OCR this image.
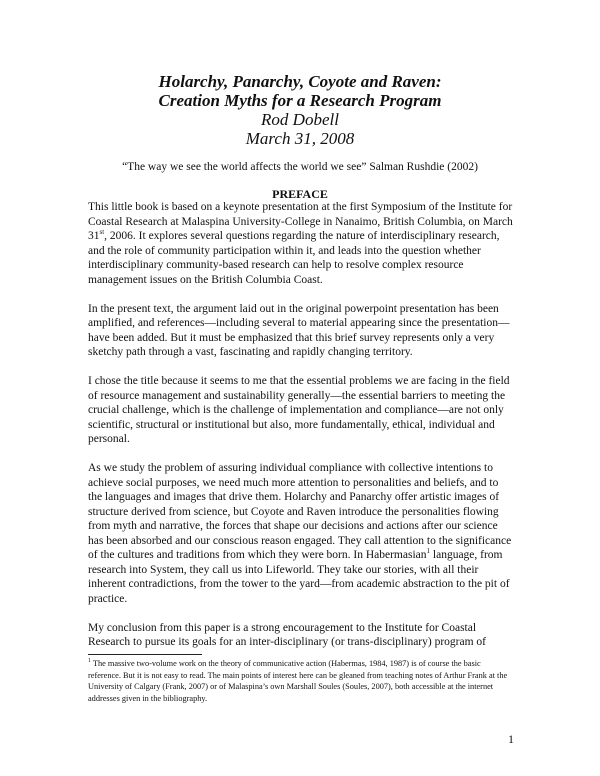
Holarchy, Panarchy, Coyote and Raven:

Creation Myths for a Research Program

Rod Dobell

March 31, 2008

“The way we see the world affects the world we see” Salman Rushdie (2002)
PREFACE

This little book is based on a keynote presentation at the first Symposium of the Institute for Coastal Research at Malaspina University-College in Nanaimo, British Columbia, on March 31st, 2006. It explores several questions regarding the nature of interdisciplinary research, and the role of community participation within it, and leads into the question whether interdisciplinary community-based research can help to resolve complex resource management issues on the British Columbia Coast.

In the present text, the argument laid out in the original powerpoint presentation has been amplified, and references—including several to material appearing since the presentation—have been added. But it must be emphasized that this brief survey represents only a very sketchy path through a vast, fascinating and rapidly changing territory.

I chose the title because it seems to me that the essential problems we are facing in the field of resource management and sustainability generally—the essential barriers to meeting the crucial challenge, which is the challenge of implementation and compliance—are not only scientific, structural or institutional but also, more fundamentally, ethical, individual and personal.

As we study the problem of assuring individual compliance with collective intentions to achieve social purposes, we need much more attention to personalities and beliefs, and to the languages and images that drive them. Holarchy and Panarchy offer artistic images of structure derived from science, but Coyote and Raven introduce the personalities flowing from myth and narrative, the forces that shape our decisions and actions after our science has been absorbed and our conscious reason engaged. They call attention to the significance of the cultures and traditions from which they were born. In Habermasian$^1$ language, from research into System, they call us into Lifeworld. They take our stories, with all their inherent contradictions, from the tower to the yard—from academic abstraction to the pit of practice.

My conclusion from this paper is a strong encouragement to the Institute for Coastal Research to pursue its goals for an inter-disciplinary (or trans-disciplinary) program of

$^1$ The massive two-volume work on the theory of communicative action (Habermas, 1984, 1987) is of course the basic reference. But it is not easy to read. The main points of interest here can be gleaned from teaching notes of Arthur Frank at the University of Calgary (Frank, 2007) or of Malaspina’s own Marshall Soules (Soules, 2007), both accessible at the internet addresses given in the bibliography.
1
